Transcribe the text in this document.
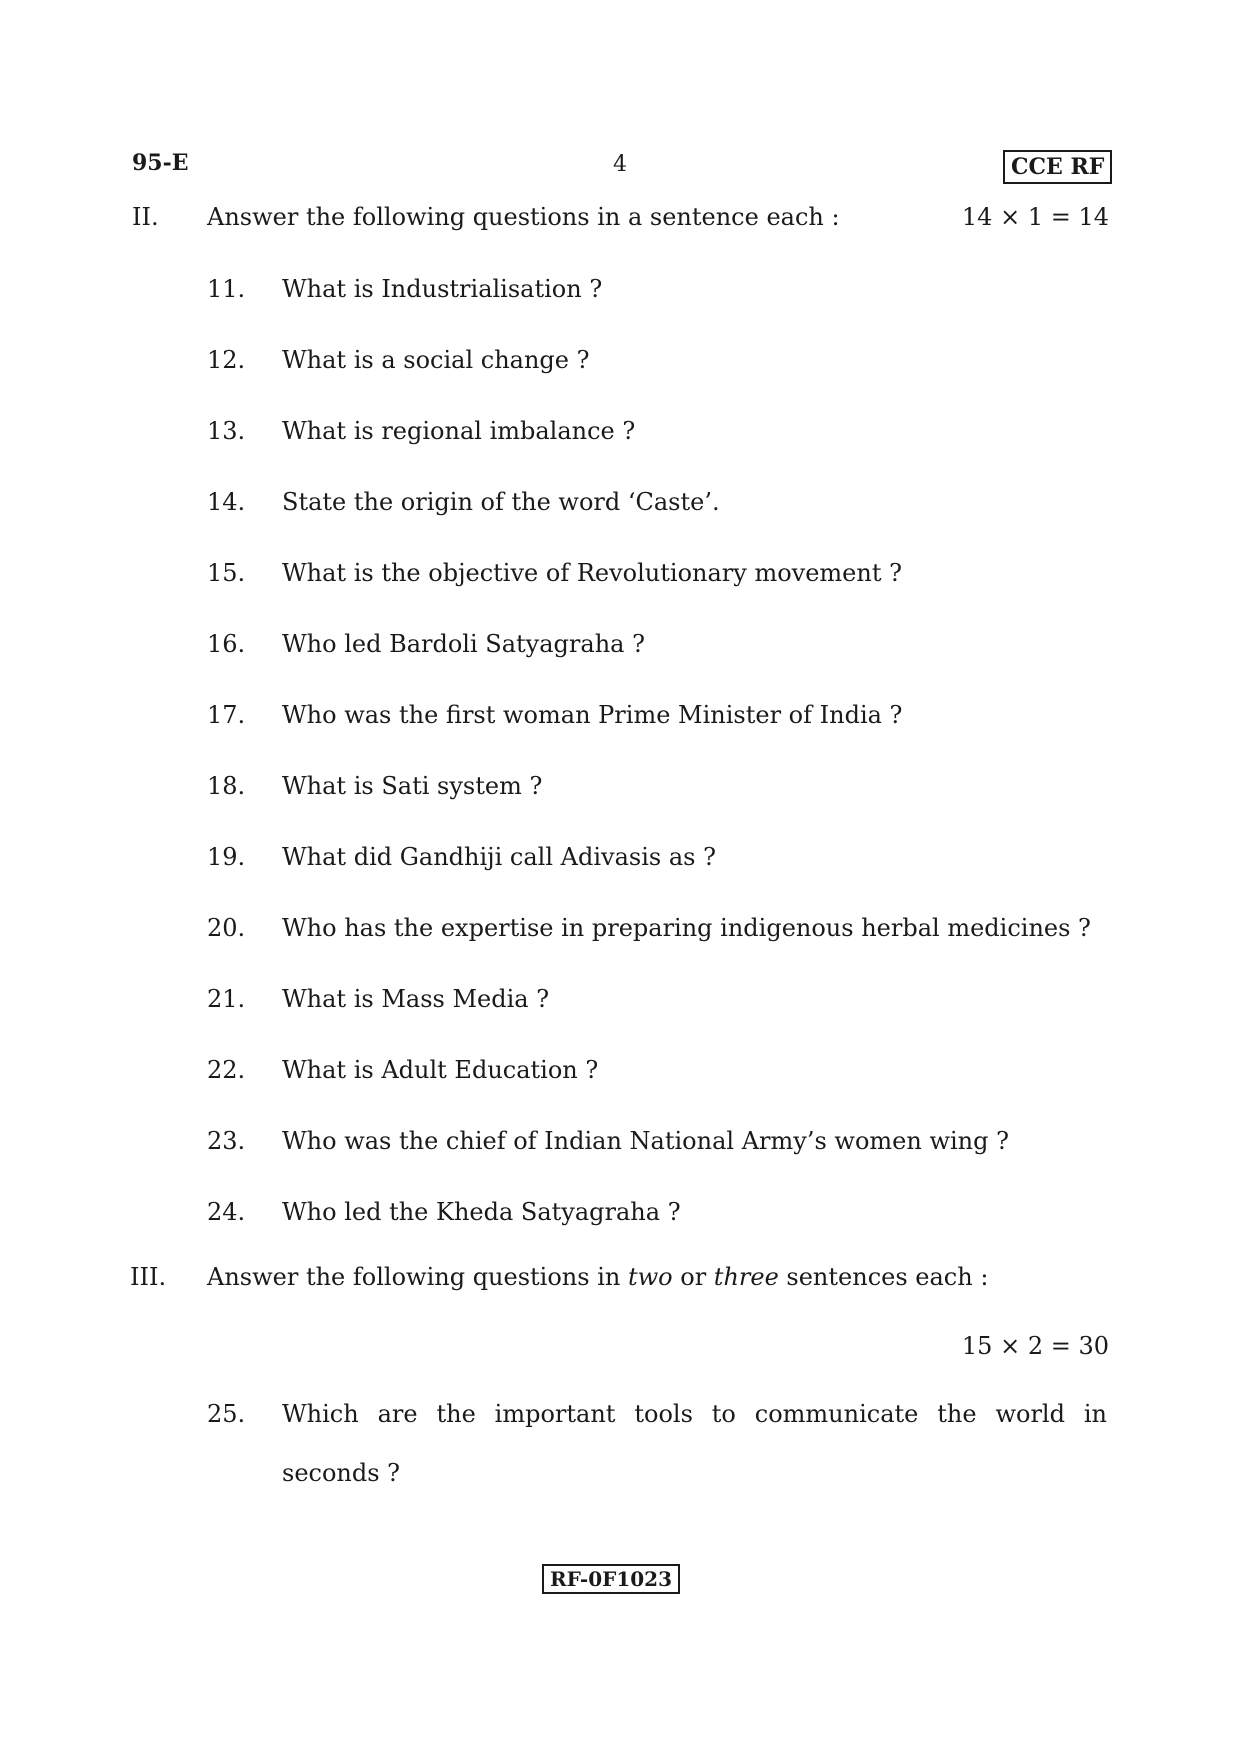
95-E	4	CCE RF
II. Answer the following questions in a sentence each :	14 × 1 = 14
11. What is Industrialisation ?
12. What is a social change ?
13. What is regional imbalance ?
14. State the origin of the word ‘Caste’.
15. What is the objective of Revolutionary movement ?
16. Who led Bardoli Satyagraha ?
17. Who was the first woman Prime Minister of India ?
18. What is Sati system ?
19. What did Gandhiji call Adivasis as ?
20. Who has the expertise in preparing indigenous herbal medicines ?
21. What is Mass Media ?
22. What is Adult Education ?
23. Who was the chief of Indian National Army’s women wing ?
24. Who led the Kheda Satyagraha ?
III. Answer the following questions in two or three sentences each :
15 × 2 = 30
25. Which are the important tools to communicate the world in
seconds ?
RF-0F1023
